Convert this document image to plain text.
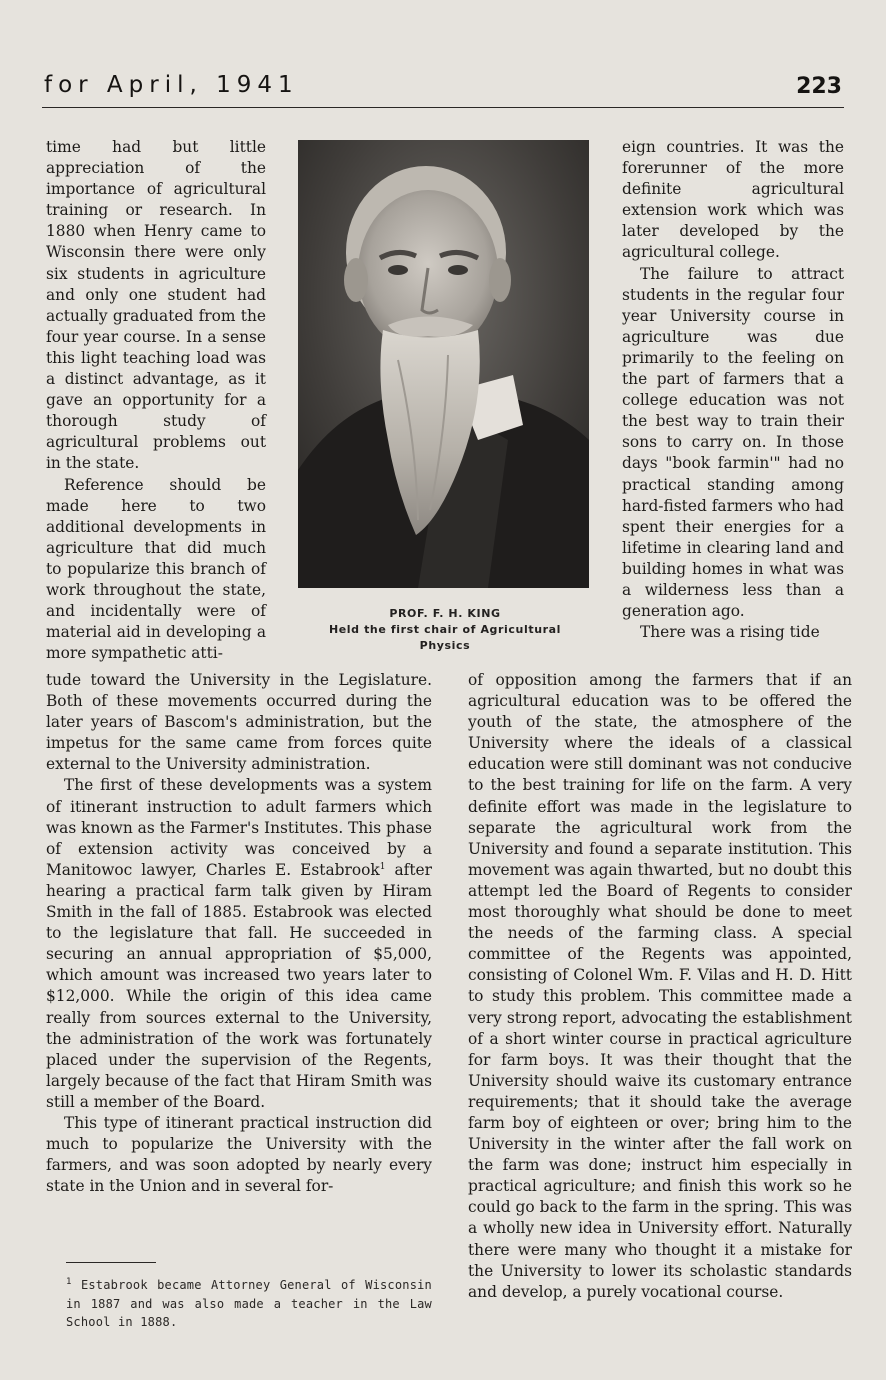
for April, 1941	223

time had but little appreciation of the importance of agricultural training or research. In 1880 when Henry came to Wisconsin there were only six students in agriculture and only one student had actually graduated from the four year course. In a sense this light teaching load was a distinct advantage, as it gave an opportunity for a thorough study of agricultural problems out in the state.

Reference should be made here to two additional developments in agriculture that did much to popularize this branch of work throughout the state, and incidentally were of material aid in developing a more sympathetic atti-

PROF. F. H. KING
Held the first chair of Agricultural
Physics

tude toward the University in the Legislature. Both of these movements occurred during the later years of Bascom's administration, but the impetus for the same came from forces quite external to the University administration.

The first of these developments was a system of itinerant instruction to adult farmers which was known as the Farmer's Institutes. This phase of extension activity was conceived by a Manitowoc lawyer, Charles E. Estabrook$^1$ after hearing a practical farm talk given by Hiram Smith in the fall of 1885. Estabrook was elected to the legislature that fall. He succeeded in securing an annual appropriation of $5,000, which amount was increased two years later to $12,000. While the origin of this idea came really from sources external to the University, the administration of the work was fortunately placed under the supervision of the Regents, largely because of the fact that Hiram Smith was still a member of the Board.

This type of itinerant practical instruction did much to popularize the University with the farmers, and was soon adopted by nearly every state in the Union and in several for-

eign countries. It was the forerunner of the more definite agricultural extension work which was later developed by the agricultural college.

The failure to attract students in the regular four year University course in agriculture was due primarily to the feeling on the part of farmers that a college education was not the best way to train their sons to carry on. In those days "book farmin'" had no practical standing among hard-fisted farmers who had spent their energies for a lifetime in clearing land and building homes in what was a wilderness less than a generation ago.

There was a rising tide

of opposition among the farmers that if an agricultural education was to be offered the youth of the state, the atmosphere of the University where the ideals of a classical education were still dominant was not conducive to the best training for life on the farm. A very definite effort was made in the legislature to separate the agricultural work from the University and found a separate institution. This movement was again thwarted, but no doubt this attempt led the Board of Regents to consider most thoroughly what should be done to meet the needs of the farming class. A special committee of the Regents was appointed, consisting of Colonel Wm. F. Vilas and H. D. Hitt to study this problem. This committee made a very strong report, advocating the establishment of a short winter course in practical agriculture for farm boys. It was their thought that the University should waive its customary entrance requirements; that it should take the average farm boy of eighteen or over; bring him to the University in the winter after the fall work on the farm was done; instruct him especially in practical agriculture; and finish this work so he could go back to the farm in the spring. This was a wholly new idea in University effort. Naturally there were many who thought it a mistake for the University to lower its scholastic standards and develop, a purely vocational course.

$^1$ Estabrook became Attorney General of Wisconsin in 1887 and was also made a teacher in the Law School in 1888.
